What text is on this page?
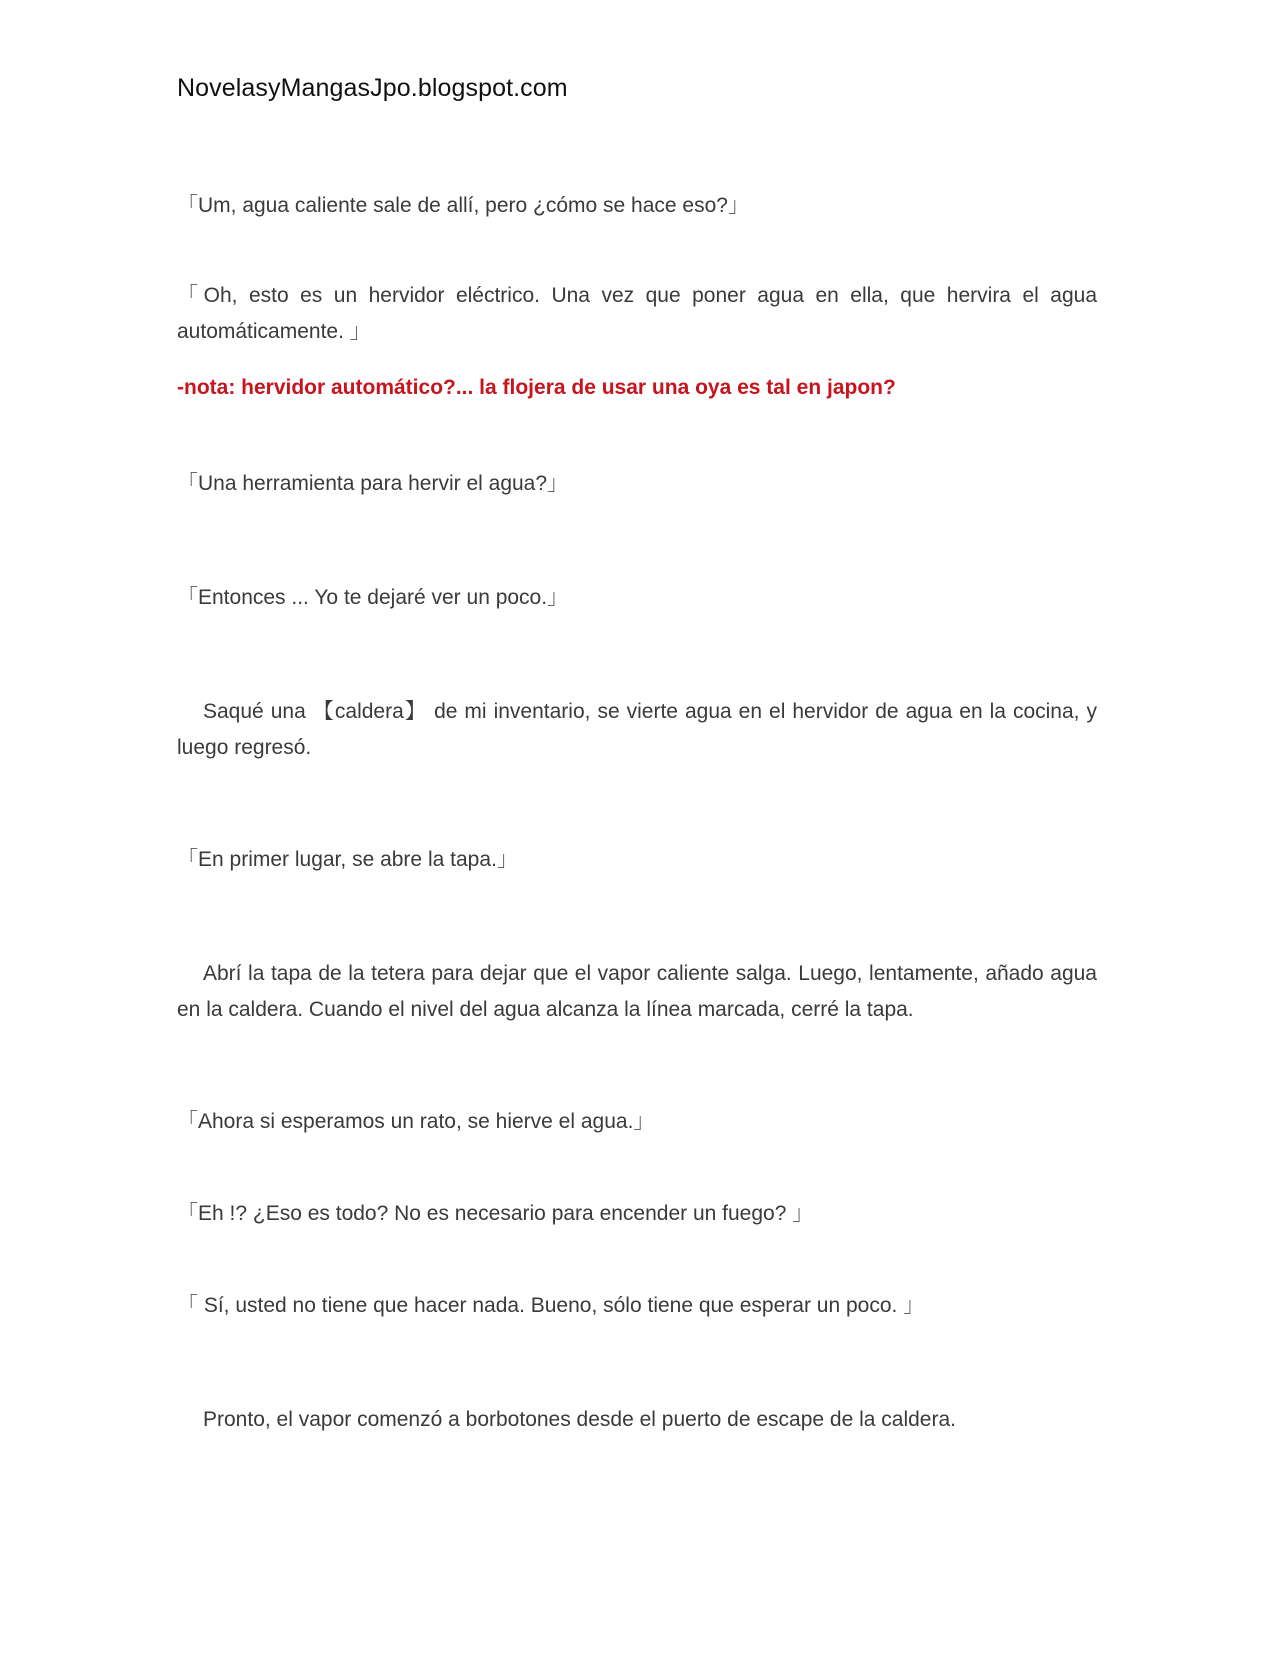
NovelasyMangasJpo.blogspot.com

「Um, agua caliente sale de allí, pero ¿cómo se hace eso?」

「Oh, esto es un hervidor eléctrico. Una vez que poner agua en ella, que hervira el agua automáticamente. 」

-nota: hervidor automático?... la flojera de usar una oya es tal en japon?

「Una herramienta para hervir el agua?」

「Entonces ... Yo te dejaré ver un poco.」

Saqué una 【caldera】 de mi inventario, se vierte agua en el hervidor de agua en la cocina, y luego regresó.

「En primer lugar, se abre la tapa.」

Abrí la tapa de la tetera para dejar que el vapor caliente salga. Luego, lentamente, añado agua en la caldera. Cuando el nivel del agua alcanza la línea marcada, cerré la tapa.

「Ahora si esperamos un rato, se hierve el agua.」

「Eh !? ¿Eso es todo? No es necesario para encender un fuego? 」

「 Sí, usted no tiene que hacer nada. Bueno, sólo tiene que esperar un poco. 」

Pronto, el vapor comenzó a borbotones desde el puerto de escape de la caldera.
